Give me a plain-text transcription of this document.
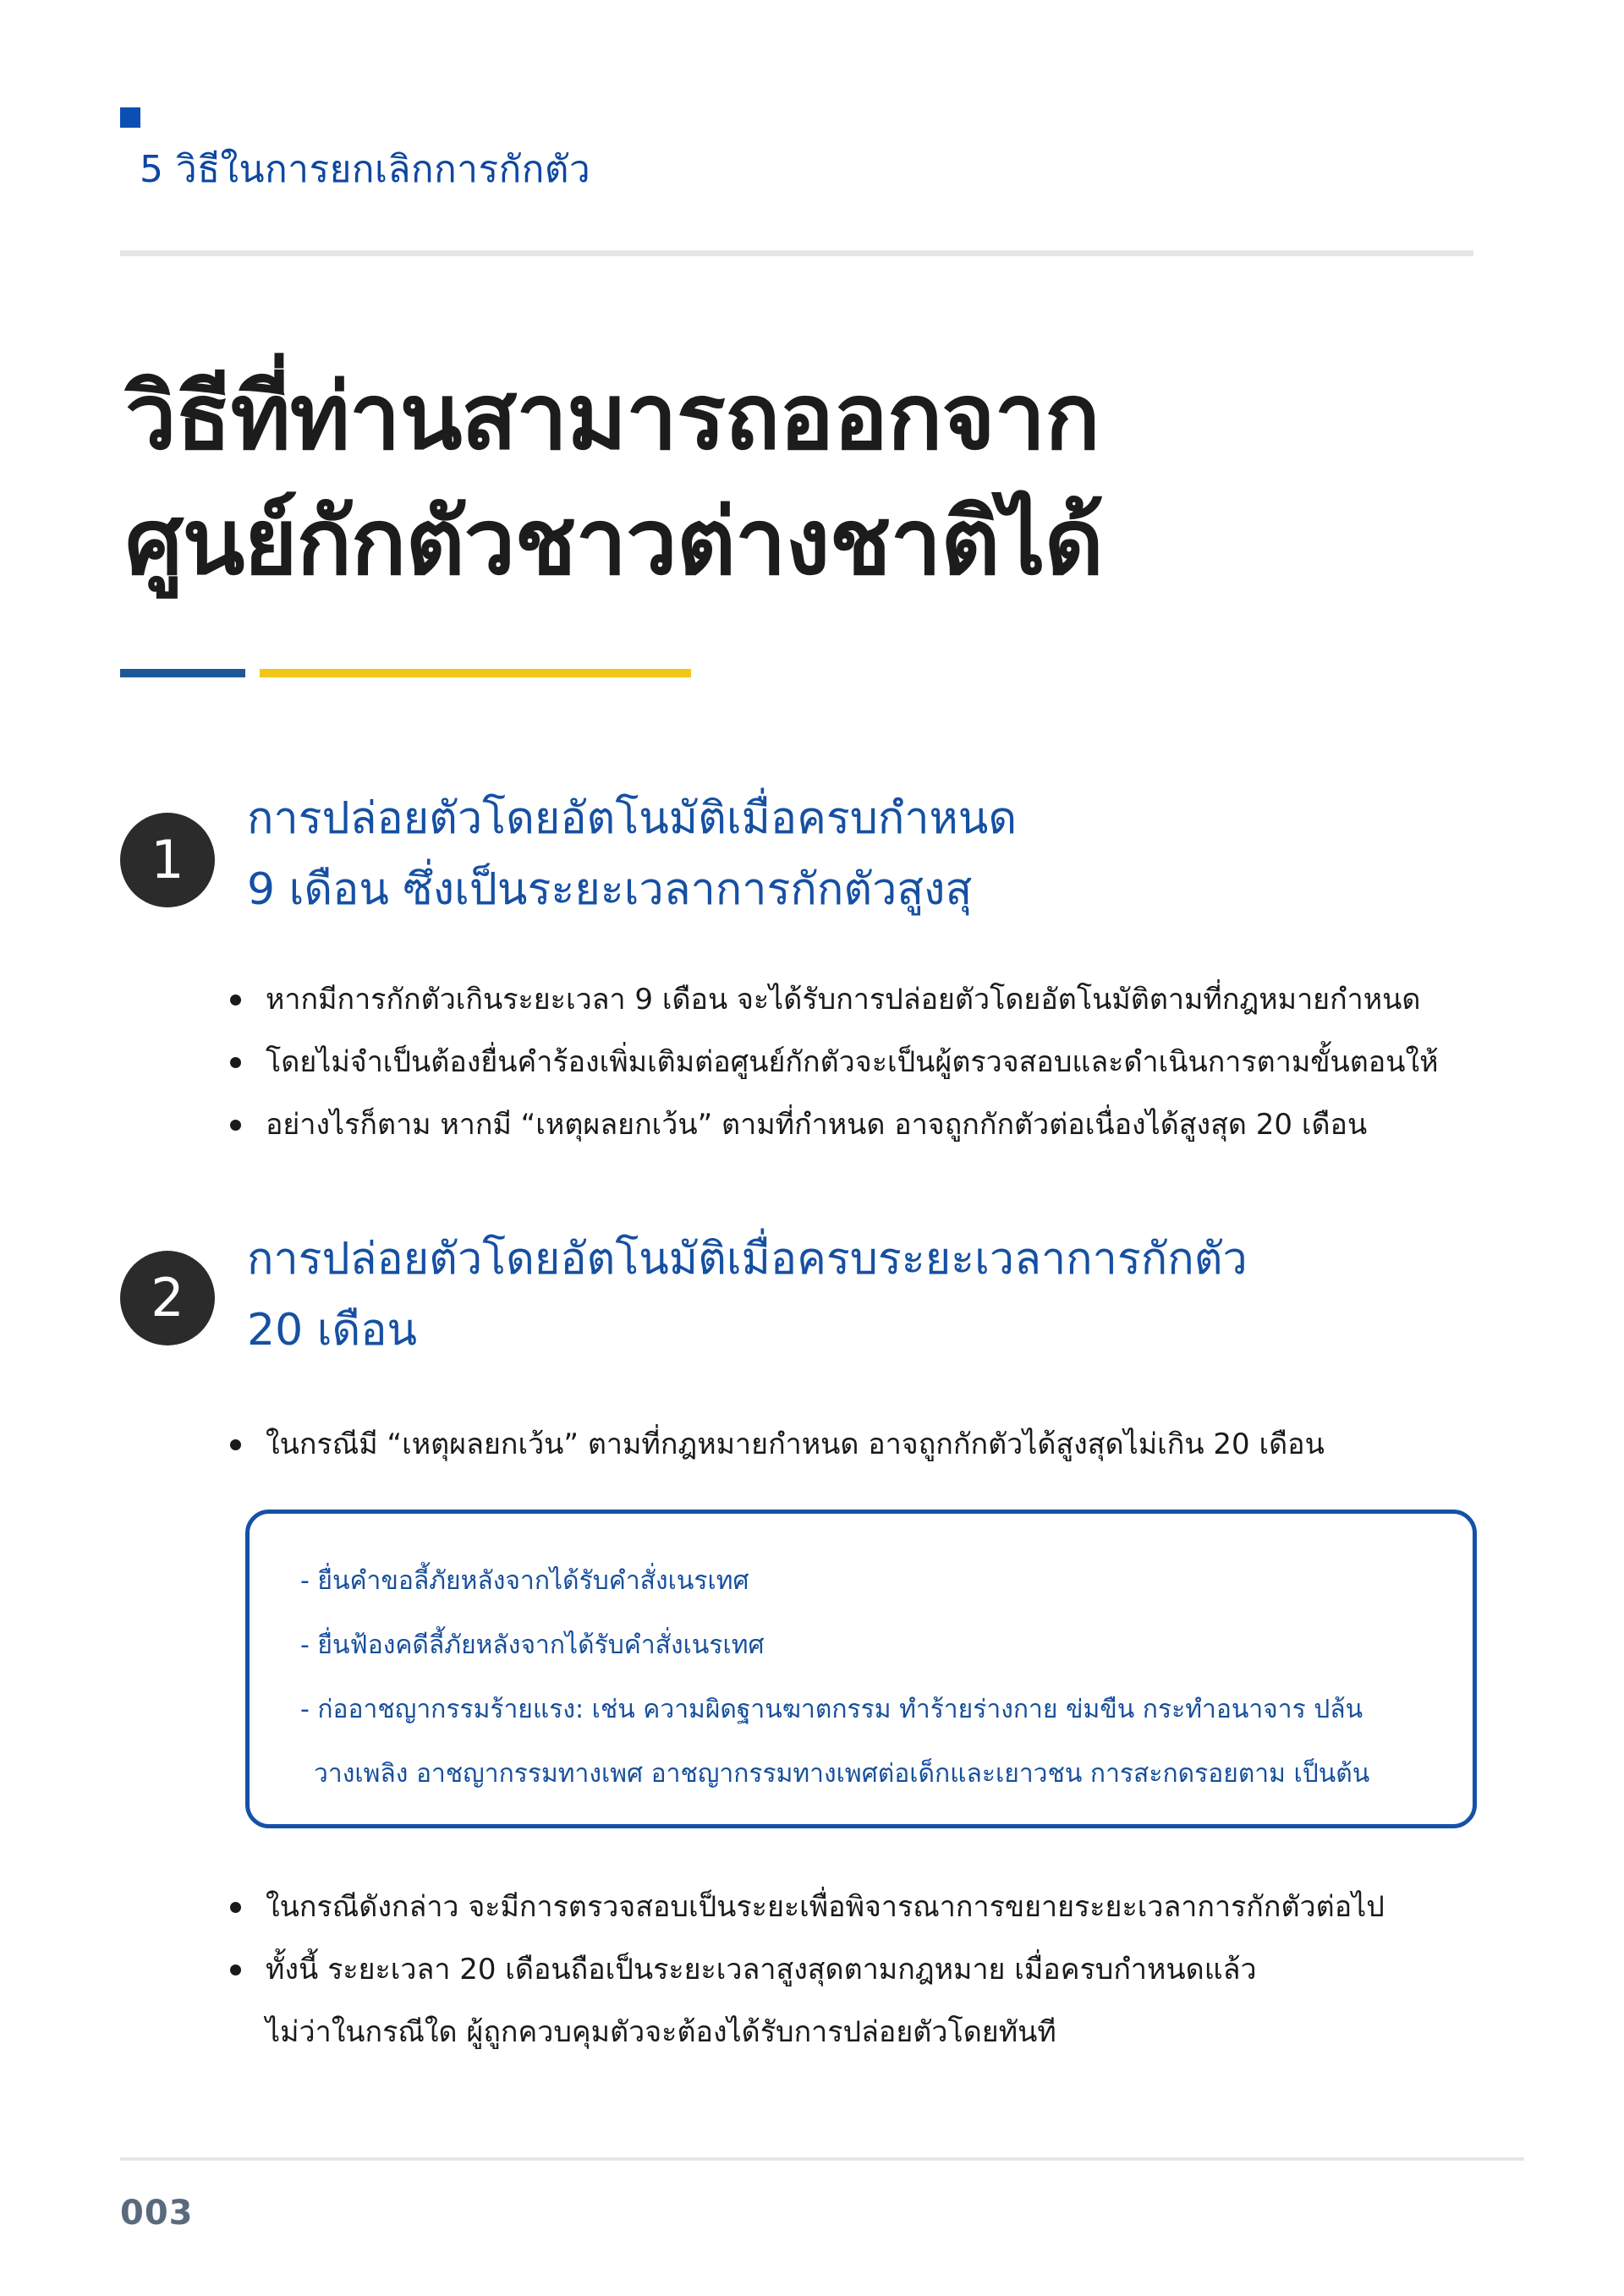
5 วิธีในการยกเลิกการกักตัว
วิธีที่ท่านสามารถออกจาก
ศูนย์กักตัวชาวต่างชาติได้
1
การปล่อยตัวโดยอัตโนมัติเมื่อครบกำหนด
9 เดือน ซึ่งเป็นระยะเวลาการกักตัวสูงสุ
หากมีการกักตัวเกินระยะเวลา 9 เดือน จะได้รับการปล่อยตัวโดยอัตโนมัติตามที่กฎหมายกำหนด
โดยไม่จำเป็นต้องยื่นคำร้องเพิ่มเติมต่อศูนย์กักตัวจะเป็นผู้ตรวจสอบและดำเนินการตามขั้นตอนให้
อย่างไรก็ตาม หากมี “เหตุผลยกเว้น” ตามที่กำหนด อาจถูกกักตัวต่อเนื่องได้สูงสุด 20 เดือน
2
การปล่อยตัวโดยอัตโนมัติเมื่อครบระยะเวลาการกักตัว
20 เดือน
ในกรณีมี “เหตุผลยกเว้น” ตามที่กฎหมายกำหนด อาจถูกกักตัวได้สูงสุดไม่เกิน 20 เดือน
- ยื่นคำขอลี้ภัยหลังจากได้รับคำสั่งเนรเทศ
- ยื่นฟ้องคดีลี้ภัยหลังจากได้รับคำสั่งเนรเทศ
- ก่ออาชญากรรมร้ายแรง: เช่น ความผิดฐานฆาตกรรม ทำร้ายร่างกาย ข่มขืน กระทำอนาจาร ปล้น
วางเพลิง อาชญากรรมทางเพศ อาชญากรรมทางเพศต่อเด็กและเยาวชน การสะกดรอยตาม เป็นต้น
ในกรณีดังกล่าว จะมีการตรวจสอบเป็นระยะเพื่อพิจารณาการขยายระยะเวลาการกักตัวต่อไป
ทั้งนี้ ระยะเวลา 20 เดือนถือเป็นระยะเวลาสูงสุดตามกฎหมาย เมื่อครบกำหนดแล้ว
ไม่ว่าในกรณีใด ผู้ถูกควบคุมตัวจะต้องได้รับการปล่อยตัวโดยทันที
003
